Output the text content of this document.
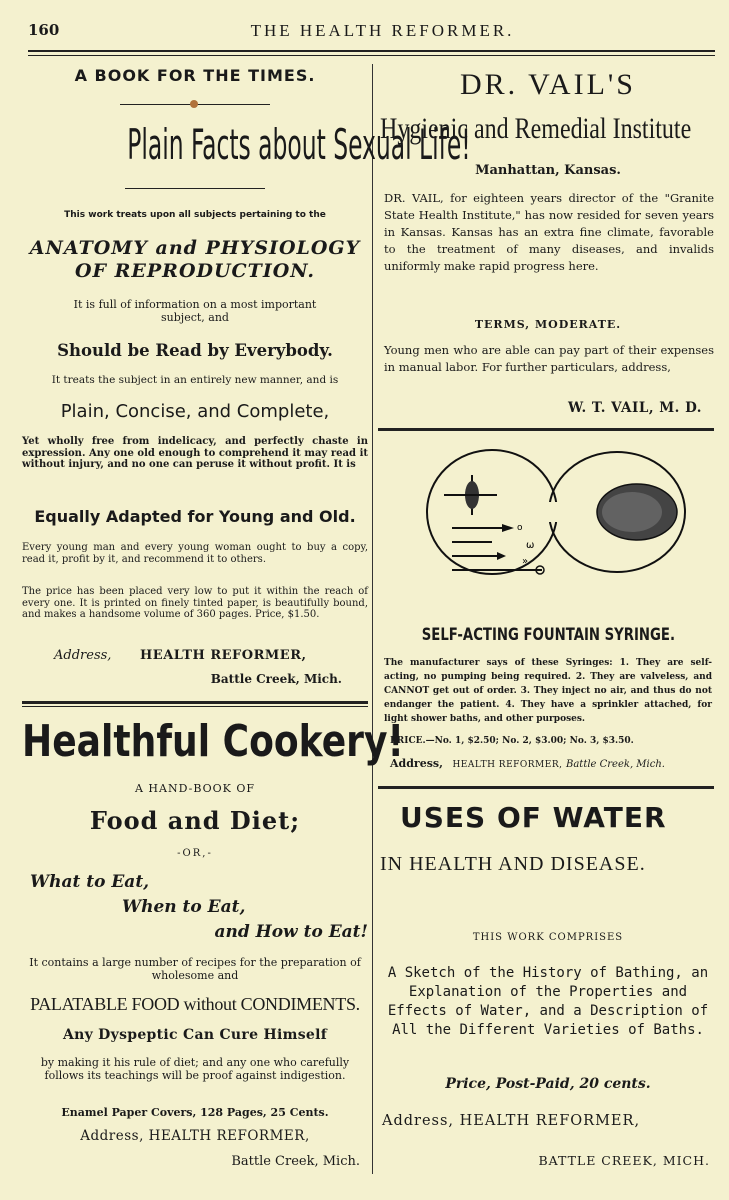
160	THE HEALTH REFORMER.
A BOOK FOR THE TIMES.
Plain Facts about Sexual Life!
This work treats upon all subjects pertaining to the
ANATOMY and PHYSIOLOGY
OF REPRODUCTION.
It is full of information on a most important subject, and
Should be Read by Everybody.
It treats the subject in an entirely new manner, and is
Plain, Concise, and Complete,
Yet wholly free from indelicacy, and perfectly chaste in expression. Any one old enough to comprehend it may read it without injury, and no one can peruse it without profit. It is
Equally Adapted for Young and Old.
Every young man and every young woman ought to buy a copy, read it, profit by it, and recommend it to others.
The price has been placed very low to put it within the reach of every one. It is printed on finely tinted paper, is beautifully bound, and makes a handsome volume of 360 pages. Price, $1.50.
Address, HEALTH REFORMER,
Battle Creek, Mich.
Healthful Cookery!
A HAND-BOOK OF
Food and Diet;
-OR,-
What to Eat,
When to Eat,
and How to Eat!
It contains a large number of recipes for the preparation of wholesome and
PALATABLE FOOD without CONDIMENTS.
Any Dyspeptic Can Cure Himself
by making it his rule of diet; and any one who carefully follows its teachings will be proof against indigestion.
Enamel Paper Covers, 128 Pages, 25 Cents.
Address, HEALTH REFORMER,
Battle Creek, Mich.
DR. VAIL'S
Hygienic and Remedial Institute
Manhattan, Kansas.
DR. VAIL, for eighteen years director of the "Granite State Health Institute," has now resided for seven years in Kansas. Kansas has an extra fine climate, favorable to the treatment of many diseases, and invalids uniformly make rapid progress here.
TERMS, MODERATE.
Young men who are able can pay part of their expenses in manual labor. For further particulars, address,
W. T. VAIL, M. D.
o
ω
»
SELF-ACTING FOUNTAIN SYRINGE.
The manufacturer says of these Syringes: 1. They are self-acting, no pumping being required. 2. They are valveless, and CANNOT get out of order. 3. They inject no air, and thus do not endanger the patient. 4. They have a sprinkler attached, for light shower baths, and other purposes.
PRICE.—No. 1, $2.50; No. 2, $3.00; No. 3, $3.50.
Address, HEALTH REFORMER, Battle Creek, Mich.
USES OF WATER
IN HEALTH AND DISEASE.
THIS WORK COMPRISES
A Sketch of the History of Bathing, an Explanation of the Properties and Effects of Water, and a Description of All the Different Varieties of Baths.
Price, Post-Paid, 20 cents.
Address, HEALTH REFORMER,
BATTLE CREEK, MICH.
